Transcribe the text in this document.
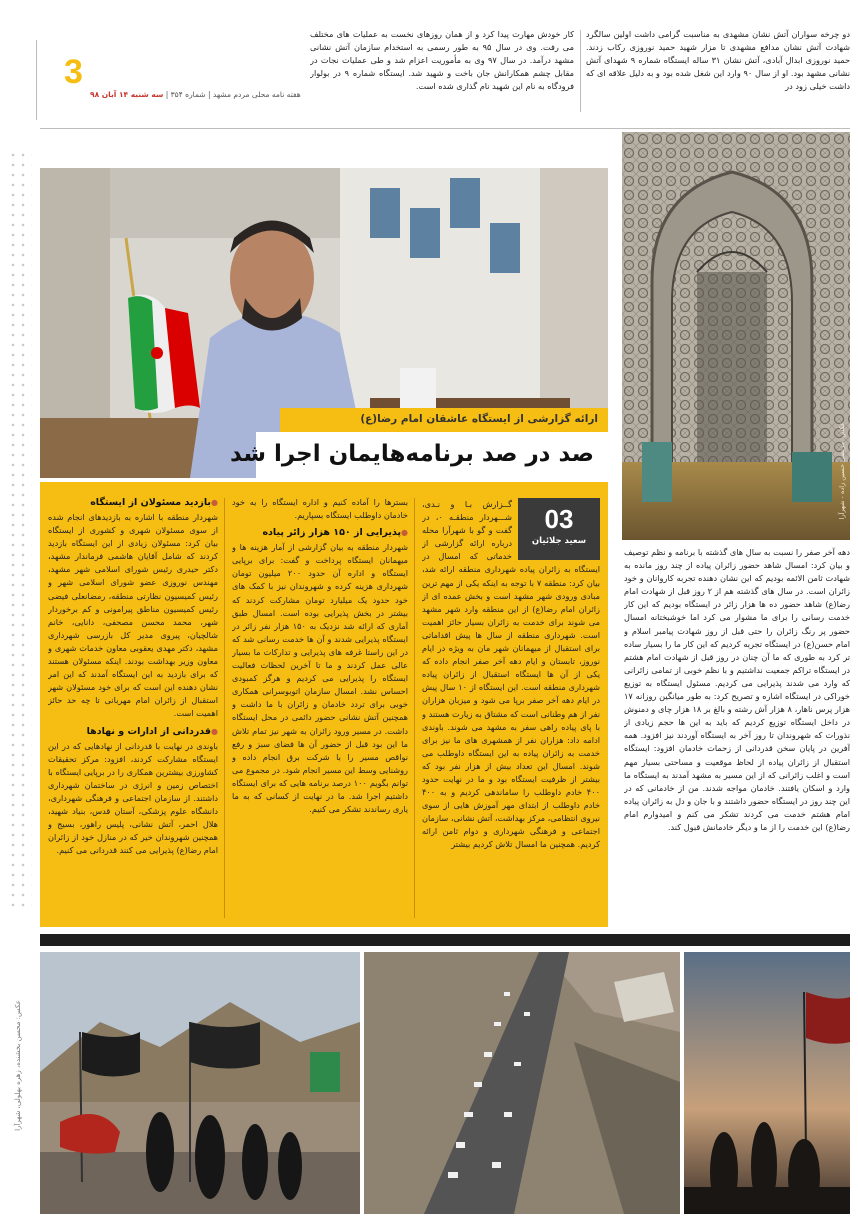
دو چرخه سواران آتش نشان مشهدی به مناسبت گرامی داشت اولین سالگرد شهادت آتش نشان مدافع مشهدی تا مزار شهید حمید نوروزی رکاب زدند. حمید نوروزی ابدال آبادی، آتش نشان ۳۱ ساله ایستگاه شماره ۹ شهدای آتش نشانی مشهد بود. او از سال ۹۰ وارد این شغل شده بود و به دلیل علاقه ای که داشت خیلی زود در
کار خودش مهارت پیدا کرد و از همان روزهای نخست به عملیات های مختلف می رفت. وی در سال ۹۵ به طور رسمی به استخدام سازمان آتش نشانی مشهد درآمد. در سال ۹۷ وی به مأموریت اعزام شد و طی عملیات نجات در مقابل چشم همکارانش جان باخت و شهید شد. ایستگاه شماره ۹ در بولوار فرودگاه به نام این شهید نام گذاری شده است.
3
هفته نامه محلی مردم مشهد | شماره ۳۵۴ | سه شنبه ۱۴ آبان ۹۸
عکس: مرتضی حسین زاده - شهرآرا
ارائه گزارشی از ایستگاه عاشقان امام رضا(ع)
صد در صد برنامه‌هایمان اجرا شد
03
سعید جلائیان
گــزارش بـا و نـدی، شـــهردار منطقـه ۰، در گفت و گو با شهرآرا محله درباره ارائه گزارشی از خدماتی که امسال در ایستگاه به زائران پیاده شهرداری منطقه ارائه شد، بیان کرد: منطقه ۷ با توجه به اینکه یکی از مهم ترین مبادی ورودی شهر مشهد است و بخش عمده ای از زائران امام رضا(ع) از این منطقه وارد شهر مشهد می شوند برای خدمت به زائران بسیار حائز اهمیت است. شهرداری منطقه از سال ها پیش اقداماتی برای استقبال از میهمانان شهر مان به ویژه در ایام نوروز، تابستان و ایام دهه آخر صفر انجام داده که یکی از آن ها ایستگاه استقبال از زائران پیاده شهرداری منطقه است. این ایستگاه از ۱۰ سال پیش در ایام دهه آخر صفر برپا می شود و میزبان هزاران نفر از هم وطنانی است که مشتاق به زیارت هستند و با پای پیاده راهی سفر به مشهد می شوند. باوندی ادامه داد: هزاران نفر از همشهری های ما نیز برای خدمت به زائران پیاده به این ایستگاه داوطلب می شوند. امسال این تعداد بیش از هزار نفر بود که بیشتر از ظرفیت ایستگاه بود و ما در نهایت حدود ۴۰۰ خادم داوطلب را ساماندهی کردیم و به ۴۰۰ خادم داوطلب از ابتدای مهر آموزش هایی از سوی نیروی انتظامی، مرکز بهداشت، آتش نشانی، سازمان اجتماعی و فرهنگی شهرداری و دوام ثامن ارائه کردیم. همچنین ما امسال تلاش کردیم بیشتر
بسترها را آماده کنیم و اداره ایستگاه را به خود خادمان داوطلب ایستگاه بسپاریم.
● پذیرایی از ۱۵۰ هزار زائر پیاده
شهردار منطقه به بیان گزارشی از آمار هزینه ها و میهمانان ایستگاه پرداخت و گفت: برای برپایی ایستگاه و اداره آن حدود ۲۰۰ میلیون تومان شهرداری هزینه کرده و شهروندان نیز با کمک های خود حدود یک میلیارد تومان مشارکت کردند که بیشتر در بخش پذیرایی بوده است. امسال طبق آماری که ارائه شد نزدیک به ۱۵۰ هزار نفر زائر در ایستگاه پذیرایی شدند و آن ها خدمت رسانی شد که در این راستا غرفه های پذیرایی و تدارکات ما بسیار عالی عمل کردند و ما تا آخرین لحظات فعالیت ایستگاه را پذیرایی می کردیم و هرگز کمبودی احساس نشد. امسال سازمان اتوبوسرانی همکاری خوبی برای تردد خادمان و زائران با ما داشت و همچنین آتش نشانی حضور دائمی در محل ایستگاه داشت. در مسیر ورود زائران به شهر نیز تمام تلاش ما این بود قبل از حضور آن ها فضای سبز و رفع نواقص مسیر را با شرکت برق انجام داده و روشنایی وسط این مسیر انجام شود. در مجموع می توانم بگویم ۱۰۰ درصد برنامه هایی که برای ایستگاه داشتیم اجرا شد. ما در نهایت از کسانی که به ما یاری رساندند تشکر می کنیم.
● بازدید مسئولان از ایستگاه
شهردار منطقه با اشاره به بازدیدهای انجام شده از سوی مسئولان شهری و کشوری از ایستگاه بیان کرد: مسئولان زیادی از این ایستگاه بازدید کردند که شامل آقایان هاشمی فرماندار مشهد، دکتر حیدری رئیس شورای اسلامی شهر مشهد، مهندس نوروزی عضو شورای اسلامی شهر و رئیس کمیسیون نظارتی منطقه، رمضانعلی فیضی رئیس کمیسیون مناطق پیرامونی و کم برخوردار شهر، محمد محسن مصحفی، دانایی، خانم شالچیان، پیروی مدیر کل بازرسی شهرداری مشهد، دکتر مهدی یعقوبی معاون خدمات شهری و معاون وزیر بهداشت بودند. اینکه مسئولان هستند که برای بازدید به این ایستگاه آمدند که این امر نشان دهنده این است که برای خود مسئولان شهر استقبال از زائران امام مهربانی تا چه حد حائز اهمیت است.
● قدردانی از ادارات و نهادها
باوندی در نهایت با قدردانی از نهادهایی که در این ایستگاه مشارکت کردند، افزود: مرکز تحقیقات کشاورزی بیشترین همکاری را در برپایی ایستگاه با اختصاص زمین و انرژی در ساختمان شهرداری داشتند. از سازمان اجتماعی و فرهنگی شهرداری، دانشگاه علوم پزشکی، آستان قدس، بنیاد شهید، هلال احمر، آتش نشانی، پلیس راهور، بسیج و همچنین شهروندان خیر که در منازل خود از زائران امام رضا(ع) پذیرایی می کنند قدردانی می کنیم.
دهه آخر صفر را نسبت به سال های گذشته با برنامه و نظم توصیف و بیان کرد: امسال شاهد حضور زائران پیاده از چند روز مانده به شهادت ثامن الائمه بودیم که این نشان دهنده تجربه کاروانان و خود زائران است. در سال های گذشته هم از ۲ روز قبل از شهادت امام رضا(ع) شاهد حضور ده ها هزار زائر در ایستگاه بودیم که این کار خدمت رسانی را برای ما مشوار می کرد اما خوشبختانه امسال حضور پر رنگ زائران را حتی قبل از روز شهادت پیامبر اسلام و امام حسن(ع) در ایستگاه تجربه کردیم که این کار ما را بسیار ساده تر کرد به طوری که ما آن چنان در روز قبل از شهادت امام هشتم در ایستگاه تراکم جمعیت نداشتیم و با نظم خوبی از تمامی زائرانی که وارد می شدند پذیرایی می کردیم. مسئول ایستگاه به توزیع خوراکی در ایستگاه اشاره و تصریح کرد: به طور میانگین روزانه ۱۷ هزار پرس ناهار، ۸ هزار آش رشته و بالغ بر ۱۸ هزار چای و دمنوش در داخل ایستگاه توزیع کردیم که باید به این ها حجم زیادی از نذورات که شهروندان تا روز آخر به ایستگاه آوردند نیز افزود. همه آفرین در پایان سخن قدردانی از زحمات خادمان افزود: ایستگاه استقبال از زائران پیاده از لحاظ موقعیت و مساحتی بسیار مهم است و اغلب زائرانی که از این مسیر به مشهد آمدند به ایستگاه ما وارد و اسکان یافتند. خادمان مواجه شدند. من از خادمانی که در این چند روز در ایستگاه حضور داشتند و با جان و دل به زائران پیاده امام هشتم خدمت می کردند تشکر می کنم و امیدوارم امام رضا(ع) این خدمت را از ما و دیگر خادمانش قبول کند.
عکس: محسن بخشنده، زهره بهلولی، شهرآرا
